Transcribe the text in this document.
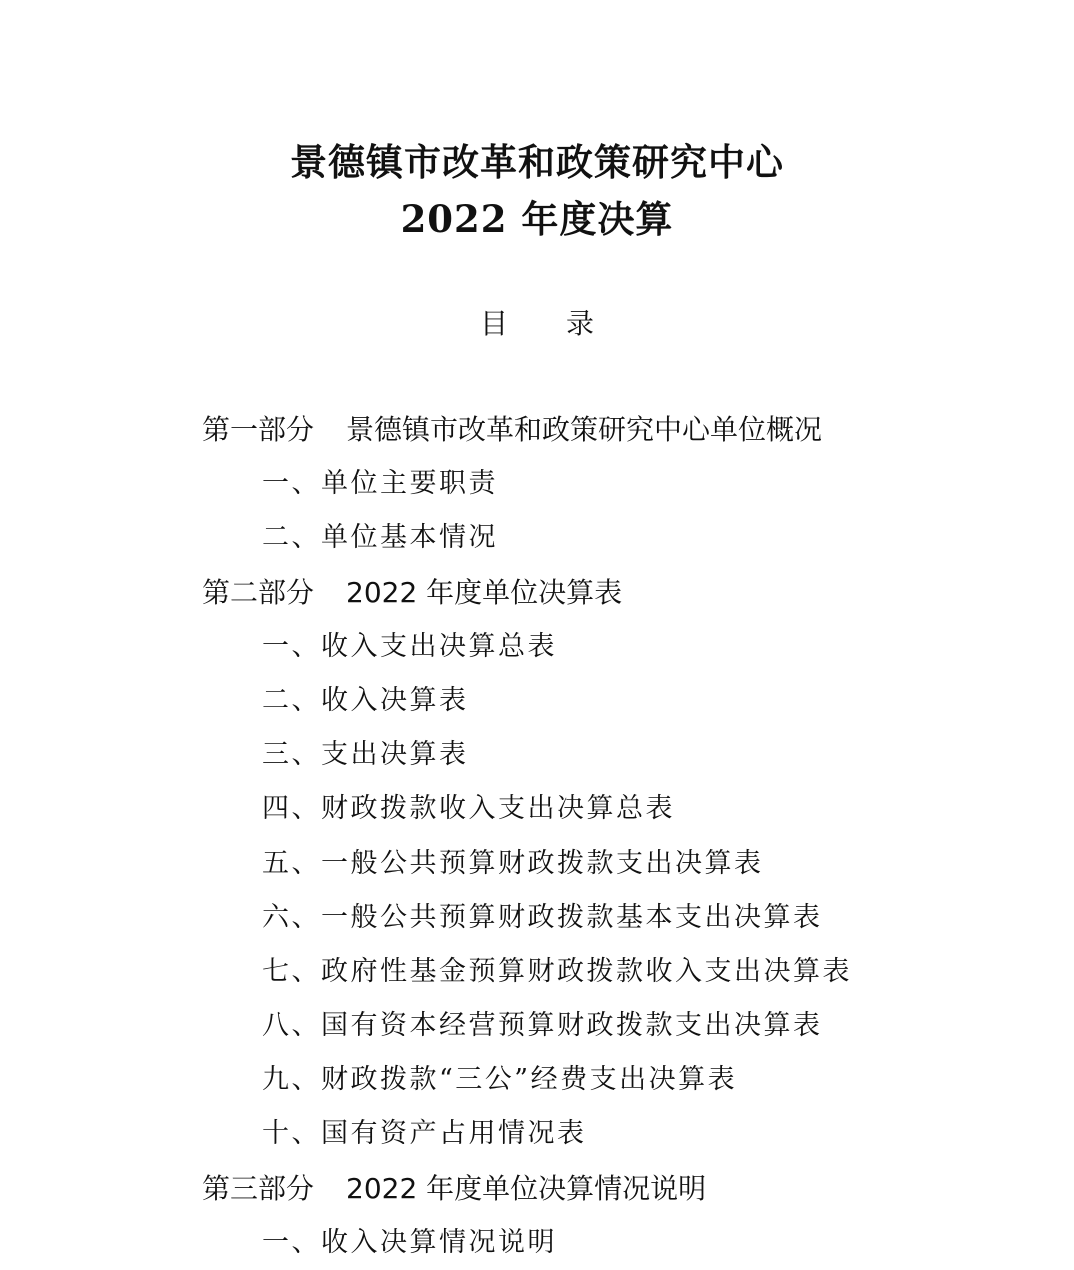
景德镇市改革和政策研究中心
2022 年度决算
目录
第一部分 景德镇市改革和政策研究中心单位概况
一、单位主要职责
二、单位基本情况
第二部分 2022 年度单位决算表
一、收入支出决算总表
二、收入决算表
三、支出决算表
四、财政拨款收入支出决算总表
五、一般公共预算财政拨款支出决算表
六、一般公共预算财政拨款基本支出决算表
七、政府性基金预算财政拨款收入支出决算表
八、国有资本经营预算财政拨款支出决算表
九、财政拨款“三公”经费支出决算表
十、国有资产占用情况表
第三部分 2022 年度单位决算情况说明
一、收入决算情况说明
